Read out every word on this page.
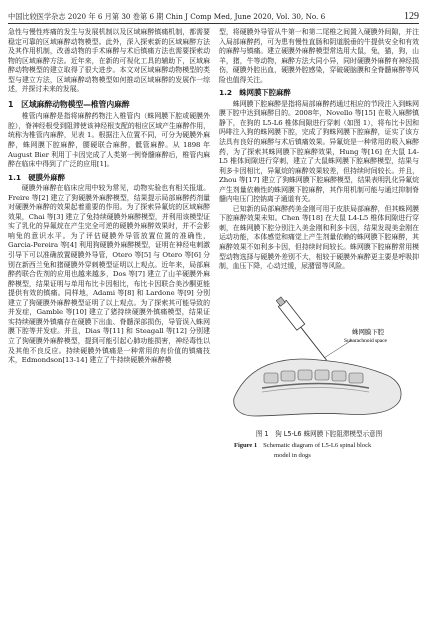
中国比较医学杂志 2020 年 6 月第 30 卷第 6 期 Chin J Comp Med, June 2020, Vol. 30, No. 6	129

急性与慢性疼痛的发生与发展机制以及区域麻醉镇痛机制，都需要稳定可靠的区域麻醉动物模型。此外，深入探索新的区域麻醉方法及其作用机制，改善动物的手术麻醉与术后镇痛方法也需要探索动物的区域麻醉方法。近年来，在新的可视化工具的辅助下，区域麻醉动物模型的建立取得了很大进步。本文对区域麻醉动物模型的类型与建立方法，区域麻醉动物模型如何推动区域麻醉的发展作一综述，并探讨未来的发展。

1　区域麻醉动物模型—椎管内麻醉

椎管内麻醉是指将麻醉药物注入椎管内（蛛网膜下腔或硬膜外腔），脊神经根受到阻滞使该神经根支配的相应区域产生麻醉作用，统称为椎管内麻醉，见表 1。根据注入位置不同，可分为硬膜外麻醉，蛛网膜下腔麻醉，腰硬联合麻醉，骶管麻醉。从 1898 年 August Bier 利用丁卡因完成了人类第一例脊髓麻醉后，椎管内麻醉在临床中得到了广泛的应用[1]。

1.1　硬膜外麻醉

硬膜外麻醉在临床应用中较为常见，动物实验也有相关报道。Freire 等[2] 建立了狗硬膜外麻醉模型，结果提示局部麻醉药剂量对硬膜外麻醉的效果起着重要的作用。为了探索异氟烷的区域麻醉效果，Chai 等[3] 建立了兔持续硬膜外麻醉模型，并利用该模型证实了乳化的异氟烷在产生完全可逆的硬膜外麻醉效果时，并不会影响兔的意识水平。为了评估硬膜外导管放置位置的准确性，Garcia-Pereira 等[4] 利用狗硬膜外麻醉模型，证明在神经电刺激引导下可以准确放置硬膜外导管，Otero 等[5] 与 Otero 等[6] 分别在新西兰兔和猪硬膜外穿刺模型证明以上观点。近年来，局部麻醉药联合佐剂的应用也越来越多，Dos 等[7] 建立了山羊硬膜外麻醉模型，结果证明与单用布比卡因相比，布比卡因联合美沙酮更能提供有效的镇痛。同样地，Adami 等[8] 和 Lardone 等[9] 分别建立了狗硬膜外麻醉模型证明了以上观点。为了探索其可能导致的并发症，Gamble 等[10] 建立了猪持续硬膜外镇痛模型，结果证实持续硬膜外镇痛存在硬膜下出血、脊髓深部损伤，导管误入蛛网膜下腔等并发症。并且，Dias 等[11] 和 Steagall 等[12] 分别建立了狗硬膜外麻醉模型，提到可能引起心肺功能损害，神经毒性以及其他不良反应。持续硬膜外镇痛是一种常用的有价值的镇痛技术，Edmondson[13-14] 建立了牛持续硬膜外麻醉模

型，将硬膜外导管从牛第一和第二尾椎之间置入硬膜外间隙，并注入局部麻醉药，可为患有慢性直肠和阴道脱垂的牛提供安全和有效的麻醉与镇痛。建立硬膜外麻醉模型常选用大鼠，兔，猫，狗，山羊，猪，牛等动物，麻醉方法大同小异，同时硬膜外麻醉有神经损伤，硬膜外腔出血，硬膜外腔感染，穿破硬脑膜和全脊髓麻醉等风险也值得关注。

1.2　蛛网膜下腔麻醉

蛛网膜下腔麻醉是指将局部麻醉药通过相应的节段注入到蛛网膜下腔中达到麻醉目的。2008年，Novello 等[15] 在吸入麻醉镇静下，在狗的 L5-L6 椎体间隙进行穿刺（如图 1），将布比卡因和吗啡注入狗的蛛网膜下腔，完成了狗蛛网膜下腔麻醉，证实了该方法具有良好的麻醉与术后镇痛效果。异氟烷是一种常用的吸入麻醉药，为了探索其蛛网膜下腔麻醉效果，Hung 等[16] 在大鼠 L4-L5 椎体间隙进行穿刺，建立了大鼠蛛网膜下腔麻醉模型，结果与利多卡因相比，异氟烷的麻醉效果较差，但持续时间较长。并且，Zhou 等[17] 建立了狗蛛网膜下腔麻醉模型，结果表明乳化异氟烷产生剂量依赖性的蛛网膜下腔麻醉，其作用机制可能与通过抑制脊髓内电压门控钠离子通道有关。

已知新的局部麻醉药美金刚可用于皮肤局部麻醉，但其蛛网膜下腔麻醉效果未知。Chen 等[18] 在大鼠 L4-L5 椎体间隙进行穿刺，在蛛网膜下腔分别注入美金刚和利多卡因，结果发现美金刚在运动功能，本体感觉和痛觉上产生剂量依赖的蛛网膜下腔麻醉，其麻醉效果不如利多卡因，但持续时间较长。蛛网膜下腔麻醉常用模型动物选择与硬膜外差别不大，相较于硬膜外麻醉更主要是呼吸抑制，血压下降，心动过缓，尿潴留等风险。

蛛网膜下腔
Subarachnoid space
图 1　狗 L5-L6 蛛网膜下腔阻滞模型示意图
Figure 1 Schematic diagram of L5-L6 spinal block
model in dogs
